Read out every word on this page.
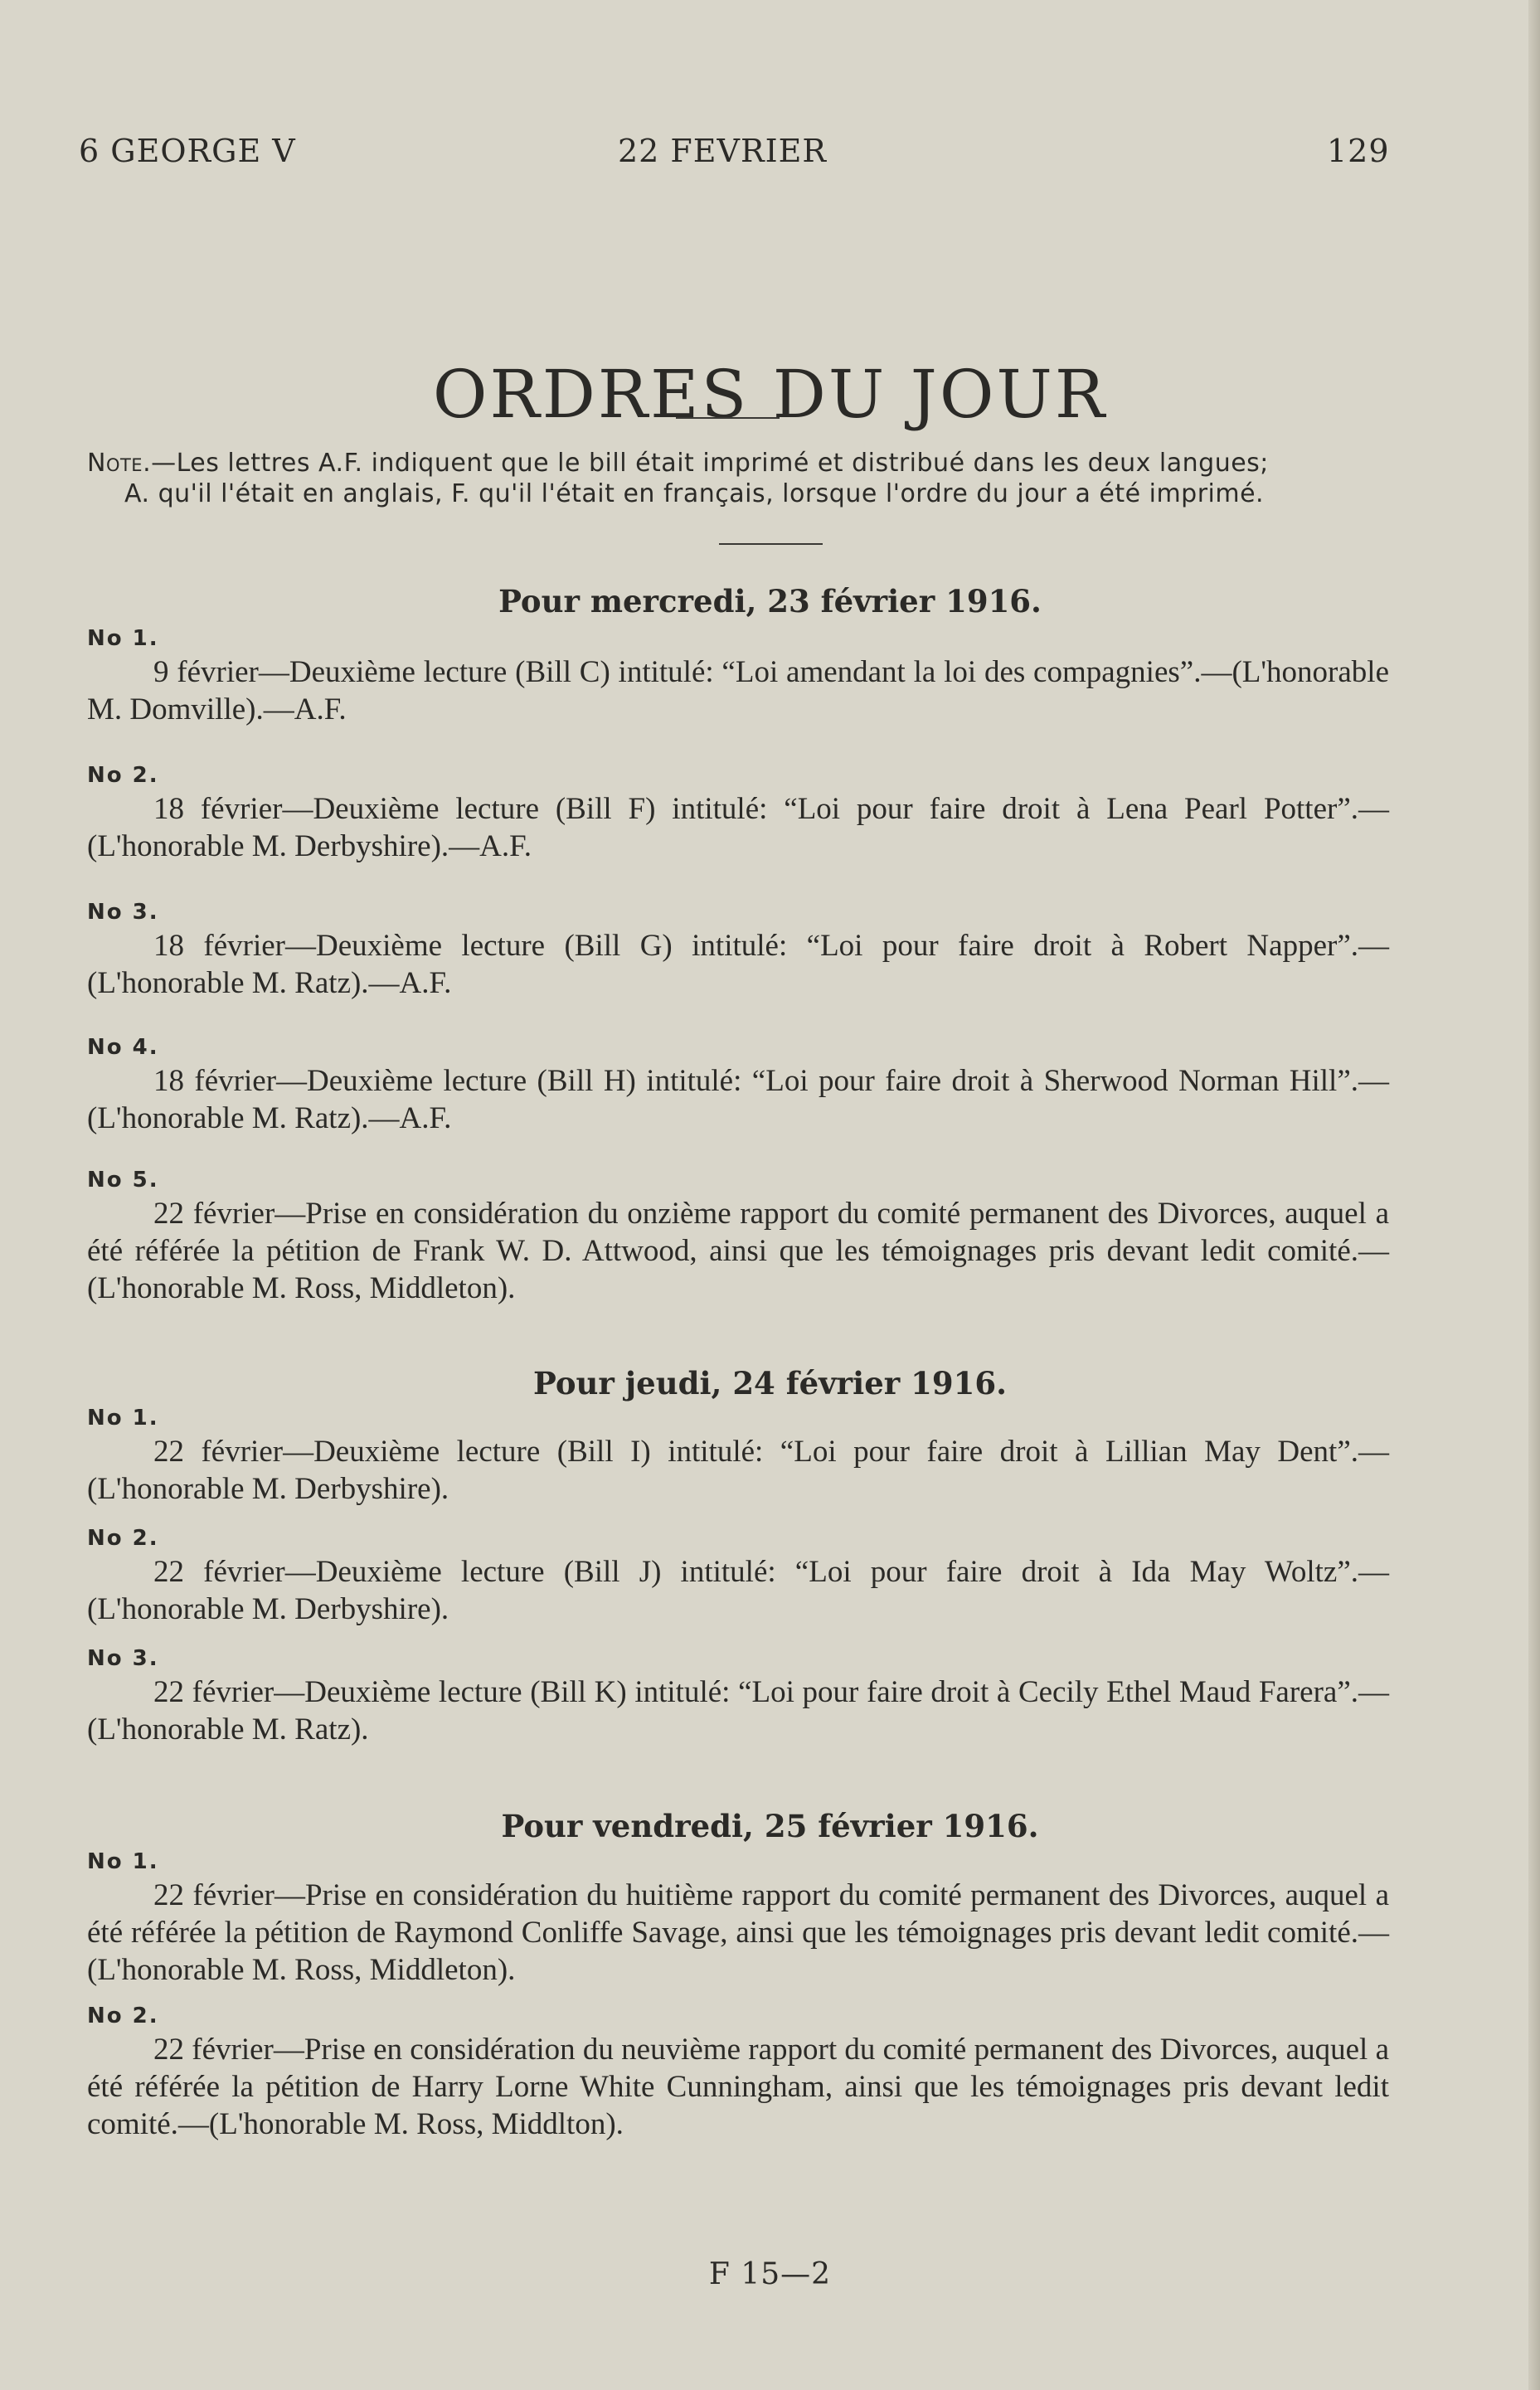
6 GEORGE V	22 FEVRIER	129
ORDRES DU JOUR
Note.—Les lettres A.F. indiquent que le bill était imprimé et distribué dans les deux langues;
A. qu'il l'était en anglais, F. qu'il l'était en français, lorsque l'ordre du jour a été imprimé.
Pour mercredi, 23 février 1916.
No 1.

9 février—Deuxième lecture (Bill C) intitulé: “Loi amendant la loi des compagnies”.—(L'honorable M. Domville).—A.F.

No 2.

18 février—Deuxième lecture (Bill F) intitulé: “Loi pour faire droit à Lena Pearl Potter”.—(L'honorable M. Derbyshire).—A.F.

No 3.

18 février—Deuxième lecture (Bill G) intitulé: “Loi pour faire droit à Robert Napper”.—(L'honorable M. Ratz).—A.F.

No 4.

18 février—Deuxième lecture (Bill H) intitulé: “Loi pour faire droit à Sherwood Norman Hill”.—(L'honorable M. Ratz).—A.F.

No 5.

22 février—Prise en considération du onzième rapport du comité permanent des Divorces, auquel a été référée la pétition de Frank W. D. Attwood, ainsi que les témoignages pris devant ledit comité.—(L'honorable M. Ross, Middleton).

Pour jeudi, 24 février 1916.
No 1.

22 février—Deuxième lecture (Bill I) intitulé: “Loi pour faire droit à Lillian May Dent”.—(L'honorable M. Derbyshire).

No 2.

22 février—Deuxième lecture (Bill J) intitulé: “Loi pour faire droit à Ida May Woltz”.—(L'honorable M. Derbyshire).

No 3.

22 février—Deuxième lecture (Bill K) intitulé: “Loi pour faire droit à Cecily Ethel Maud Farera”.—(L'honorable M. Ratz).

Pour vendredi, 25 février 1916.
No 1.

22 février—Prise en considération du huitième rapport du comité permanent des Divorces, auquel a été référée la pétition de Raymond Conliffe Savage, ainsi que les témoignages pris devant ledit comité.—(L'honorable M. Ross, Middleton).

No 2.

22 février—Prise en considération du neuvième rapport du comité permanent des Divorces, auquel a été référée la pétition de Harry Lorne White Cunningham, ainsi que les témoignages pris devant ledit comité.—(L'honorable M. Ross, Middlton).

F 15—2
